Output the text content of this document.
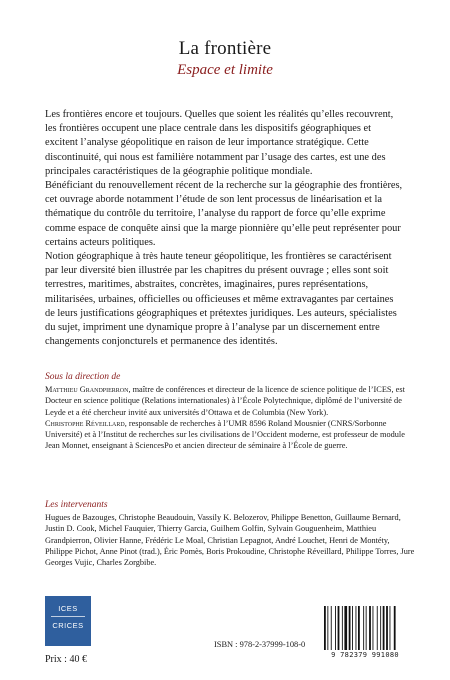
La frontière
Espace et limite

Les frontières encore et toujours. Quelles que soient les réalités qu’elles recouvrent, les frontières occupent une place centrale dans les dispositifs géographiques et excitent l’analyse géopolitique en raison de leur importance stratégique. Cette discontinuité, qui nous est familière notamment par l’usage des cartes, est une des principales caractéristiques de la géographie politique mondiale.

Bénéficiant du renouvellement récent de la recherche sur la géographie des frontières, cet ouvrage aborde notamment l’étude de son lent processus de linéarisation et la thématique du contrôle du territoire, l’analyse du rapport de force qu’elle exprime comme espace de conquête ainsi que la marge pionnière qu’elle peut représenter pour certains acteurs politiques.

Notion géographique à très haute teneur géopolitique, les frontières se caractérisent par leur diversité bien illustrée par les chapitres du présent ouvrage ; elles sont soit terrestres, maritimes, abstraites, concrètes, imaginaires, pures représentations, militarisées, urbaines, officielles ou officieuses et même extravagantes par certaines de leurs justifications géographiques et prétextes juridiques. Les auteurs, spécialistes du sujet, impriment une dynamique propre à l’analyse par un discernement entre changements conjoncturels et permanence des identités.

Sous la direction de

Matthieu Grandpierron, maître de conférences et directeur de la licence de science politique de l’ICES, est Docteur en science politique (Relations internationales) à l’École Polytechnique, diplômé de l’université de Leyde et a été chercheur invité aux universités d’Ottawa et de Columbia (New York).

Christophe Réveillard, responsable de recherches à l’UMR 8596 Roland Mousnier (CNRS/Sorbonne Université) et à l’Institut de recherches sur les civilisations de l’Occident moderne, est professeur de module Jean Monnet, enseignant à SciencesPo et ancien directeur de séminaire à l’École de guerre.

Les intervenants

Hugues de Bazouges, Christophe Beaudouin, Vassily K. Belozerov, Philippe Benetton, Guillaume Bernard, Justin D. Cook, Michel Fauquier, Thierry Garcia, Guilhem Golfin, Sylvain Gouguenheim, Matthieu Grandpierron, Olivier Hanne, Frédéric Le Moal, Christian Lepagnot, André Louchet, Henri de Montéty, Philippe Pichot, Anne Pinot (trad.), Éric Pomès, Boris Prokoudine, Christophe Réveillard, Philippe Torres, Jure Georges Vujic, Charles Zorgbibe.

ICES
CRICES
Prix : 40 €
ISBN : 978-2-37999-108-0
9 782379 991080
